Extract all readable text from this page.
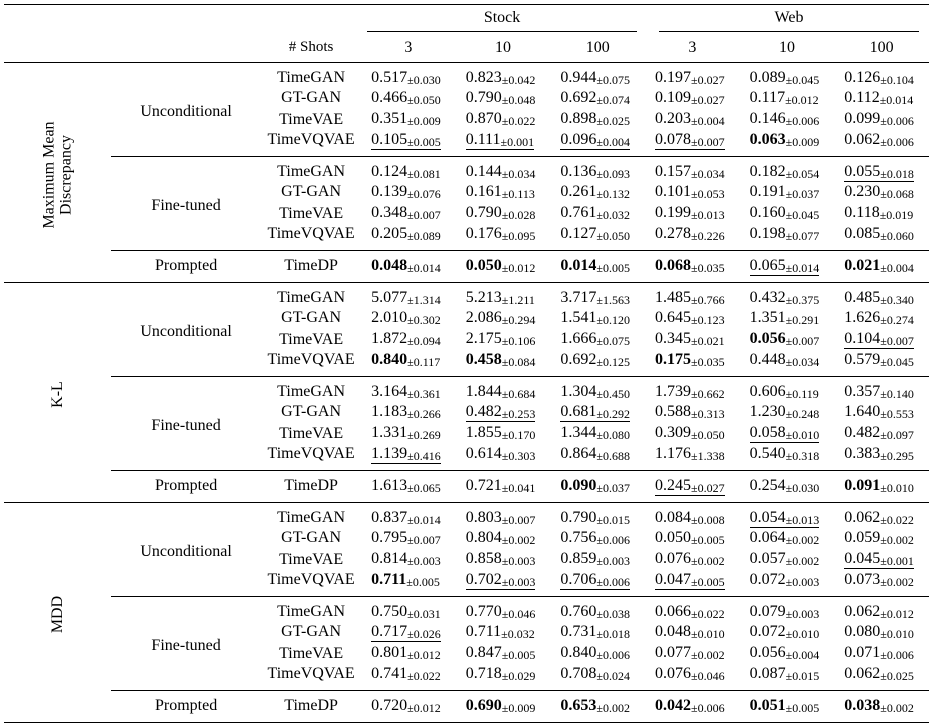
			Stock			Web		

		# Shots	3	10	100	3	10	100
Maximum Mean
Discrepancy	Unconditional	TimeGAN	$0.517_{\pm 0.030}$	$0.823_{\pm 0.042}$	$0.944_{\pm 0.075}$	$0.197_{\pm 0.027}$	$0.089_{\pm 0.045}$	$0.126_{\pm 0.104}$
		GT-GAN	$0.466_{\pm 0.050}$	$0.790_{\pm 0.048}$	$0.692_{\pm 0.074}$	$0.109_{\pm 0.027}$	$0.117_{\pm 0.012}$	$0.112_{\pm 0.014}$
		TimeVAE	$0.351_{\pm 0.009}$	$0.870_{\pm 0.022}$	$0.898_{\pm 0.025}$	$0.203_{\pm 0.004}$	$0.146_{\pm 0.006}$	$0.099_{\pm 0.006}$
		TimeVQVAE	$0.105_{\pm 0.005}$	$0.111_{\pm 0.001}$	$0.096_{\pm 0.004}$	$0.078_{\pm 0.007}$	$0.063_{\pm 0.009}$	$0.062_{\pm 0.006}$
	Fine-tuned	TimeGAN	$0.124_{\pm 0.081}$	$0.144_{\pm 0.034}$	$0.136_{\pm 0.093}$	$0.157_{\pm 0.034}$	$0.182_{\pm 0.054}$	$0.055_{\pm 0.018}$
		GT-GAN	$0.139_{\pm 0.076}$	$0.161_{\pm 0.113}$	$0.261_{\pm 0.132}$	$0.101_{\pm 0.053}$	$0.191_{\pm 0.037}$	$0.230_{\pm 0.068}$
		TimeVAE	$0.348_{\pm 0.007}$	$0.790_{\pm 0.028}$	$0.761_{\pm 0.032}$	$0.199_{\pm 0.013}$	$0.160_{\pm 0.045}$	$0.118_{\pm 0.019}$
		TimeVQVAE	$0.205_{\pm 0.089}$	$0.176_{\pm 0.095}$	$0.127_{\pm 0.050}$	$0.278_{\pm 0.226}$	$0.198_{\pm 0.077}$	$0.085_{\pm 0.060}$
	Prompted	TimeDP	$0.048_{\pm 0.014}$	$0.050_{\pm 0.012}$	$0.014_{\pm 0.005}$	$0.068_{\pm 0.035}$	$0.065_{\pm 0.014}$	$0.021_{\pm 0.004}$
K-L	Unconditional	TimeGAN	$5.077_{\pm 1.314}$	$5.213_{\pm 1.211}$	$3.717_{\pm 1.563}$	$1.485_{\pm 0.766}$	$0.432_{\pm 0.375}$	$0.485_{\pm 0.340}$
		GT-GAN	$2.010_{\pm 0.302}$	$2.086_{\pm 0.294}$	$1.541_{\pm 0.120}$	$0.645_{\pm 0.123}$	$1.351_{\pm 0.291}$	$1.626_{\pm 0.274}$
		TimeVAE	$1.872_{\pm 0.094}$	$2.175_{\pm 0.106}$	$1.666_{\pm 0.075}$	$0.345_{\pm 0.021}$	$0.056_{\pm 0.007}$	$0.104_{\pm 0.007}$
		TimeVQVAE	$0.840_{\pm 0.117}$	$0.458_{\pm 0.084}$	$0.692_{\pm 0.125}$	$0.175_{\pm 0.035}$	$0.448_{\pm 0.034}$	$0.579_{\pm 0.045}$
	Fine-tuned	TimeGAN	$3.164_{\pm 0.361}$	$1.844_{\pm 0.684}$	$1.304_{\pm 0.450}$	$1.739_{\pm 0.662}$	$0.606_{\pm 0.119}$	$0.357_{\pm 0.140}$
		GT-GAN	$1.183_{\pm 0.266}$	$0.482_{\pm 0.253}$	$0.681_{\pm 0.292}$	$0.588_{\pm 0.313}$	$1.230_{\pm 0.248}$	$1.640_{\pm 0.553}$
		TimeVAE	$1.331_{\pm 0.269}$	$1.855_{\pm 0.170}$	$1.344_{\pm 0.080}$	$0.309_{\pm 0.050}$	$0.058_{\pm 0.010}$	$0.482_{\pm 0.097}$
		TimeVQVAE	$1.139_{\pm 0.416}$	$0.614_{\pm 0.303}$	$0.864_{\pm 0.688}$	$1.176_{\pm 1.338}$	$0.540_{\pm 0.318}$	$0.383_{\pm 0.295}$
	Prompted	TimeDP	$1.613_{\pm 0.065}$	$0.721_{\pm 0.041}$	$0.090_{\pm 0.037}$	$0.245_{\pm 0.027}$	$0.254_{\pm 0.030}$	$0.091_{\pm 0.010}$
MDD	Unconditional	TimeGAN	$0.837_{\pm 0.014}$	$0.803_{\pm 0.007}$	$0.790_{\pm 0.015}$	$0.084_{\pm 0.008}$	$0.054_{\pm 0.013}$	$0.062_{\pm 0.022}$
		GT-GAN	$0.795_{\pm 0.007}$	$0.804_{\pm 0.002}$	$0.756_{\pm 0.006}$	$0.050_{\pm 0.005}$	$0.064_{\pm 0.002}$	$0.059_{\pm 0.002}$
		TimeVAE	$0.814_{\pm 0.003}$	$0.858_{\pm 0.003}$	$0.859_{\pm 0.003}$	$0.076_{\pm 0.002}$	$0.057_{\pm 0.002}$	$0.045_{\pm 0.001}$
		TimeVQVAE	$0.711_{\pm 0.005}$	$0.702_{\pm 0.003}$	$0.706_{\pm 0.006}$	$0.047_{\pm 0.005}$	$0.072_{\pm 0.003}$	$0.073_{\pm 0.002}$
	Fine-tuned	TimeGAN	$0.750_{\pm 0.031}$	$0.770_{\pm 0.046}$	$0.760_{\pm 0.038}$	$0.066_{\pm 0.022}$	$0.079_{\pm 0.003}$	$0.062_{\pm 0.012}$
		GT-GAN	$0.717_{\pm 0.026}$	$0.711_{\pm 0.032}$	$0.731_{\pm 0.018}$	$0.048_{\pm 0.010}$	$0.072_{\pm 0.010}$	$0.080_{\pm 0.010}$
		TimeVAE	$0.801_{\pm 0.012}$	$0.847_{\pm 0.005}$	$0.840_{\pm 0.006}$	$0.077_{\pm 0.002}$	$0.056_{\pm 0.004}$	$0.071_{\pm 0.006}$
		TimeVQVAE	$0.741_{\pm 0.022}$	$0.718_{\pm 0.029}$	$0.708_{\pm 0.024}$	$0.076_{\pm 0.046}$	$0.087_{\pm 0.015}$	$0.062_{\pm 0.025}$
	Prompted	TimeDP	$0.720_{\pm 0.012}$	$0.690_{\pm 0.009}$	$0.653_{\pm 0.002}$	$0.042_{\pm 0.006}$	$0.051_{\pm 0.005}$	$0.038_{\pm 0.002}$
